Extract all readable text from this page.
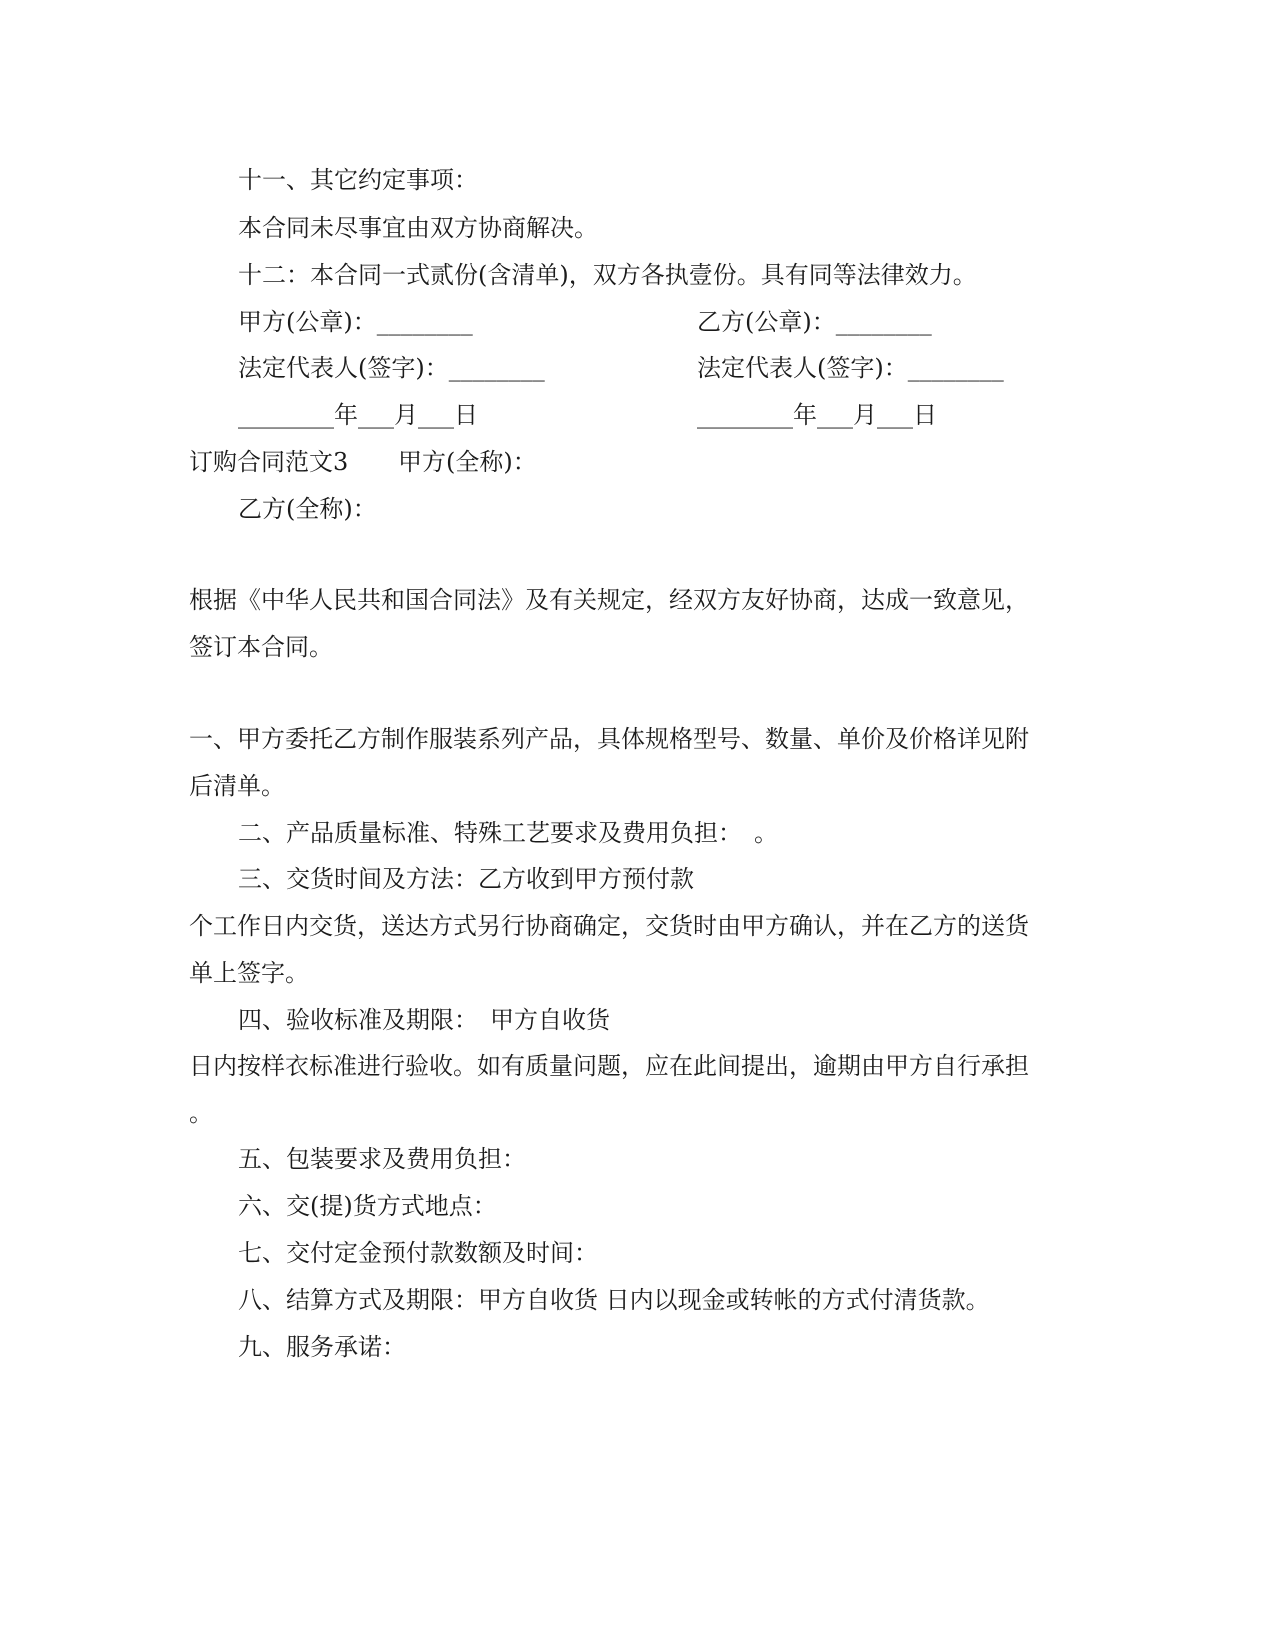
十一、其它约定事项：
本合同未尽事宜由双方协商解决。
十二：本合同一式贰份(含清单)，双方各执壹份。具有同等法律效力。
甲方(公章)：________	乙方(公章)：________
法定代表人(签字)：________	法定代表人(签字)：________
________年___月___日	________年___月___日
订购合同范文3 甲方(全称)：
乙方(全称)：
根据《中华人民共和国合同法》及有关规定，经双方友好协商，达成一致意见，
签订本合同。
一、甲方委托乙方制作服装系列产品，具体规格型号、数量、单价及价格详见附
后清单。
二、产品质量标准、特殊工艺要求及费用负担：　。
三、交货时间及方法：乙方收到甲方预付款
个工作日内交货，送达方式另行协商确定，交货时由甲方确认，并在乙方的送货
单上签字。
四、验收标准及期限：　甲方自收货
日内按样衣标准进行验收。如有质量问题，应在此间提出，逾期由甲方自行承担
。
五、包装要求及费用负担：
六、交(提)货方式地点：
七、交付定金预付款数额及时间：
八、结算方式及期限：甲方自收货 日内以现金或转帐的方式付清货款。
九、服务承诺：
